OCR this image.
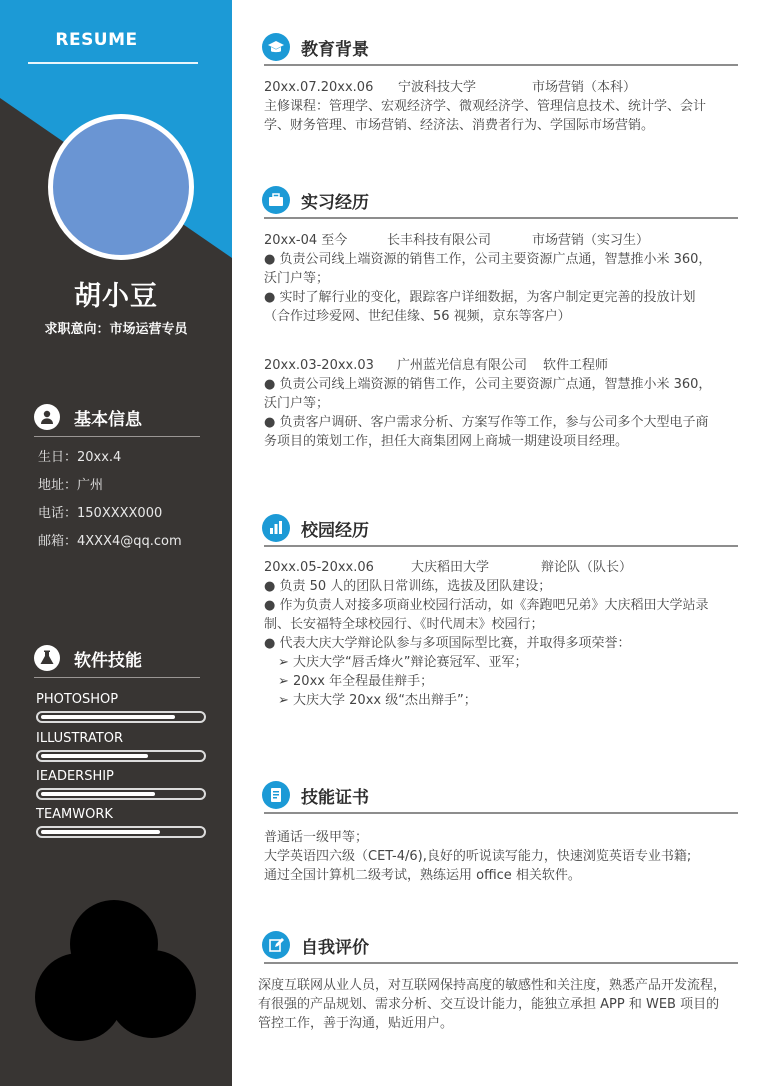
RESUME
胡小豆
求职意向：市场运营专员
基本信息
生日：20xx.4
地址：广州
电话：150XXXX000
邮箱：4XXX4@qq.com
软件技能
PHOTOSHOP
ILLUSTRATOR
IEADERSHIP
TEAMWORK
教育背景
20xx.07.20xx.06 宁波科技大学	市场营销（本科）
主修课程：管理学、宏观经济学、微观经济学、管理信息技术、统计学、会计
学、财务管理、市场营销、经济法、消费者行为、学国际市场营销。
实习经历
20xx-04 至今	长丰科技有限公司	市场营销（实习生）
● 负责公司线上端资源的销售工作，公司主要资源广点通，智慧推小米 360，
沃门户等；
● 实时了解行业的变化，跟踪客户详细数据，为客户制定更完善的投放计划
（合作过珍爱网、世纪佳缘、56 视频，京东等客户）
20xx.03-20xx.03 广州蓝光信息有限公司 软件工程师
● 负责公司线上端资源的销售工作，公司主要资源广点通，智慧推小米 360，
沃门户等；
● 负责客户调研、客户需求分析、方案写作等工作，参与公司多个大型电子商
务项目的策划工作，担任大商集团网上商城一期建设项目经理。
校园经历
20xx.05-20xx.06	大庆稻田大学	辩论队（队长）
● 负责 50 人的团队日常训练，选拔及团队建设；
● 作为负责人对接多项商业校园行活动，如《奔跑吧兄弟》大庆稻田大学站录
制、长安福特全球校园行、《时代周末》校园行；
● 代表大庆大学辩论队参与多项国际型比赛，并取得多项荣誉：
➢ 大庆大学“唇舌烽火”辩论赛冠军、亚军；
➢ 20xx 年全程最佳辩手；
➢ 大庆大学 20xx 级“杰出辩手”；
技能证书
普通话一级甲等；
大学英语四六级（CET-4/6),良好的听说读写能力，快速浏览英语专业书籍;
通过全国计算机二级考试，熟练运用 office 相关软件。
自我评价
深度互联网从业人员，对互联网保持高度的敏感性和关注度，熟悉产品开发流程，
有很强的产品规划、需求分析、交互设计能力，能独立承担 APP 和 WEB 项目的
管控工作，善于沟通，贴近用户。
